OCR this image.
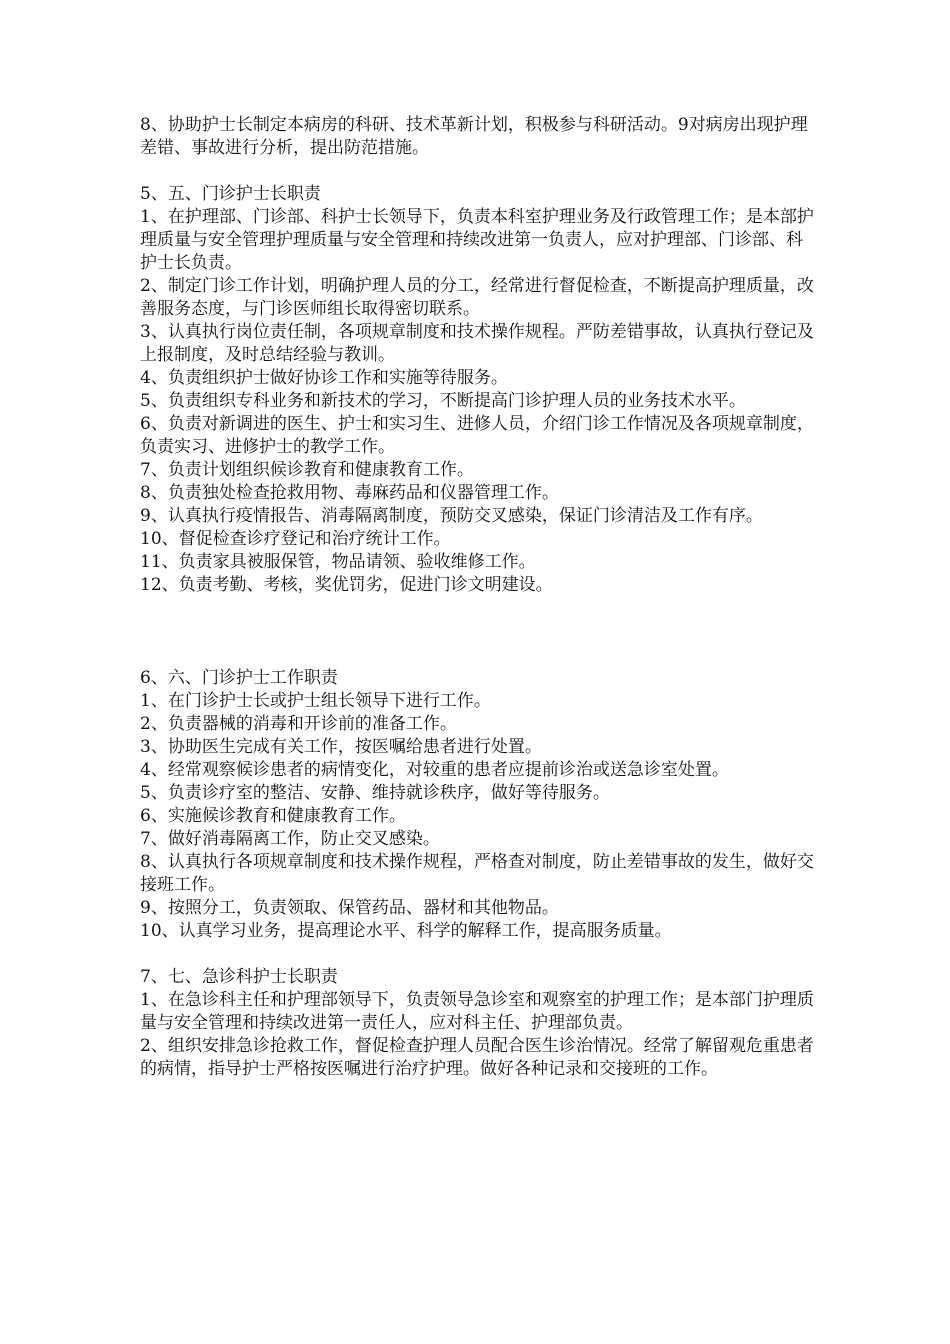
8、协助护士长制定本病房的科研、技术革新计划，积极参与科研活动。9对病房出现护理差错、事故进行分析，提出防范措施。

5、五、门诊护士长职责

1、在护理部、门诊部、科护士长领导下，负责本科室护理业务及行政管理工作；是本部护理质量与安全管理护理质量与安全管理和持续改进第一负责人，应对护理部、门诊部、科护士长负责。

2、制定门诊工作计划，明确护理人员的分工，经常进行督促检查，不断提高护理质量，改善服务态度，与门诊医师组长取得密切联系。

3、认真执行岗位责任制，各项规章制度和技术操作规程。严防差错事故，认真执行登记及上报制度，及时总结经验与教训。

4、负责组织护士做好协诊工作和实施等待服务。

5、负责组织专科业务和新技术的学习，不断提高门诊护理人员的业务技术水平。

6、负责对新调进的医生、护士和实习生、进修人员，介绍门诊工作情况及各项规章制度，负责实习、进修护士的教学工作。

7、负责计划组织候诊教育和健康教育工作。

8、负责独处检查抢救用物、毒麻药品和仪器管理工作。

9、认真执行疫情报告、消毒隔离制度，预防交叉感染，保证门诊清洁及工作有序。

10、督促检查诊疗登记和治疗统计工作。

11、负责家具被服保管，物品请领、验收维修工作。

12、负责考勤、考核，奖优罚劣，促进门诊文明建设。

6、六、门诊护士工作职责

1、在门诊护士长或护士组长领导下进行工作。

2、负责器械的消毒和开诊前的准备工作。

3、协助医生完成有关工作，按医嘱给患者进行处置。

4、经常观察候诊患者的病情变化，对较重的患者应提前诊治或送急诊室处置。

5、负责诊疗室的整洁、安静、维持就诊秩序，做好等待服务。

6、实施候诊教育和健康教育工作。

7、做好消毒隔离工作，防止交叉感染。

8、认真执行各项规章制度和技术操作规程，严格查对制度，防止差错事故的发生，做好交接班工作。

9、按照分工，负责领取、保管药品、器材和其他物品。

10、认真学习业务，提高理论水平、科学的解释工作，提高服务质量。

7、七、急诊科护士长职责

1、在急诊科主任和护理部领导下，负责领导急诊室和观察室的护理工作；是本部门护理质量与安全管理和持续改进第一责任人，应对科主任、护理部负责。

2、组织安排急诊抢救工作，督促检查护理人员配合医生诊治情况。经常了解留观危重患者的病情，指导护士严格按医嘱进行治疗护理。做好各种记录和交接班的工作。
